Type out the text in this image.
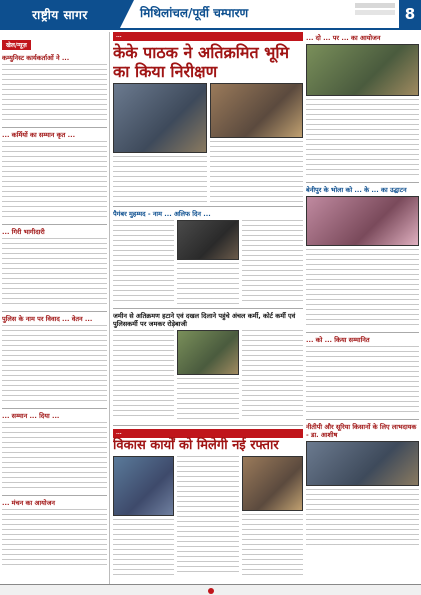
राष्ट्रीय सागर	मिथिलांचल/पूर्वी चम्पारण	8
खेल/न्यूज़
कम्युनिस्ट कार्यकर्ताओं ने ...
... कर्मियों का सम्मान कृत ...
... गिरी भागीदारी
पुलिस के नाम पर विवाद ... वेतन ...
... सम्मान ... दिया ...
... मंचन का आयोजन
...
केके पाठक ने अतिक्रमित भूमि का किया निरीक्षण
पैगंबर मुहम्मद - नाम ... अलिफ दिन ...
जमीन से अतिक्रमण हटाने एवं दखल दिलाने पहुंचे अंचल कर्मी, कोर्ट कर्मी एवं पुलिसकर्मी पर जमकर रोड़ेबाजी
...
विकास कार्यों को मिलेगी नई रफ्तार
... दो ... पर ... का आयोजन
बेनीपुर के भोला को ... के ... का उद्घाटन
... को ... किया सम्मानित
नीतीपी और सूरिया किसानों के लिए लाभदायक - डा. आशीष
